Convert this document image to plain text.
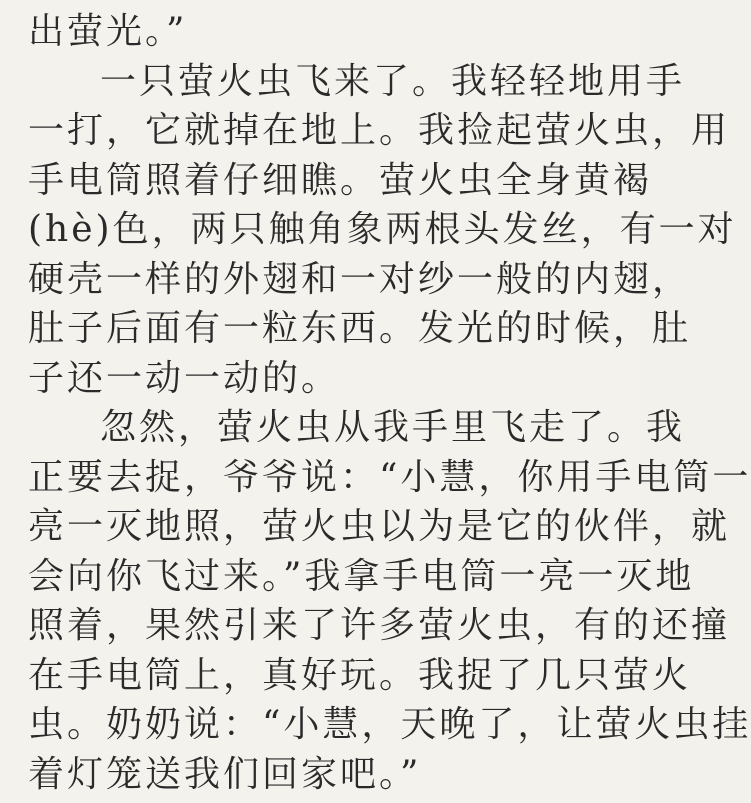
出萤光。”
一只萤火虫飞来了。我轻轻地用手
一打，它就掉在地上。我捡起萤火虫，用
手电筒照着仔细瞧。萤火虫全身黄褐
(hè)色，两只触角象两根头发丝，有一对
硬壳一样的外翅和一对纱一般的内翅，
肚子后面有一粒东西。发光的时候，肚
子还一动一动的。
忽然，萤火虫从我手里飞走了。我
正要去捉，爷爷说：“小慧，你用手电筒一
亮一灭地照，萤火虫以为是它的伙伴，就
会向你飞过来。”我拿手电筒一亮一灭地
照着，果然引来了许多萤火虫，有的还撞
在手电筒上，真好玩。我捉了几只萤火
虫。奶奶说：“小慧，天晚了，让萤火虫挂
着灯笼送我们回家吧。”
